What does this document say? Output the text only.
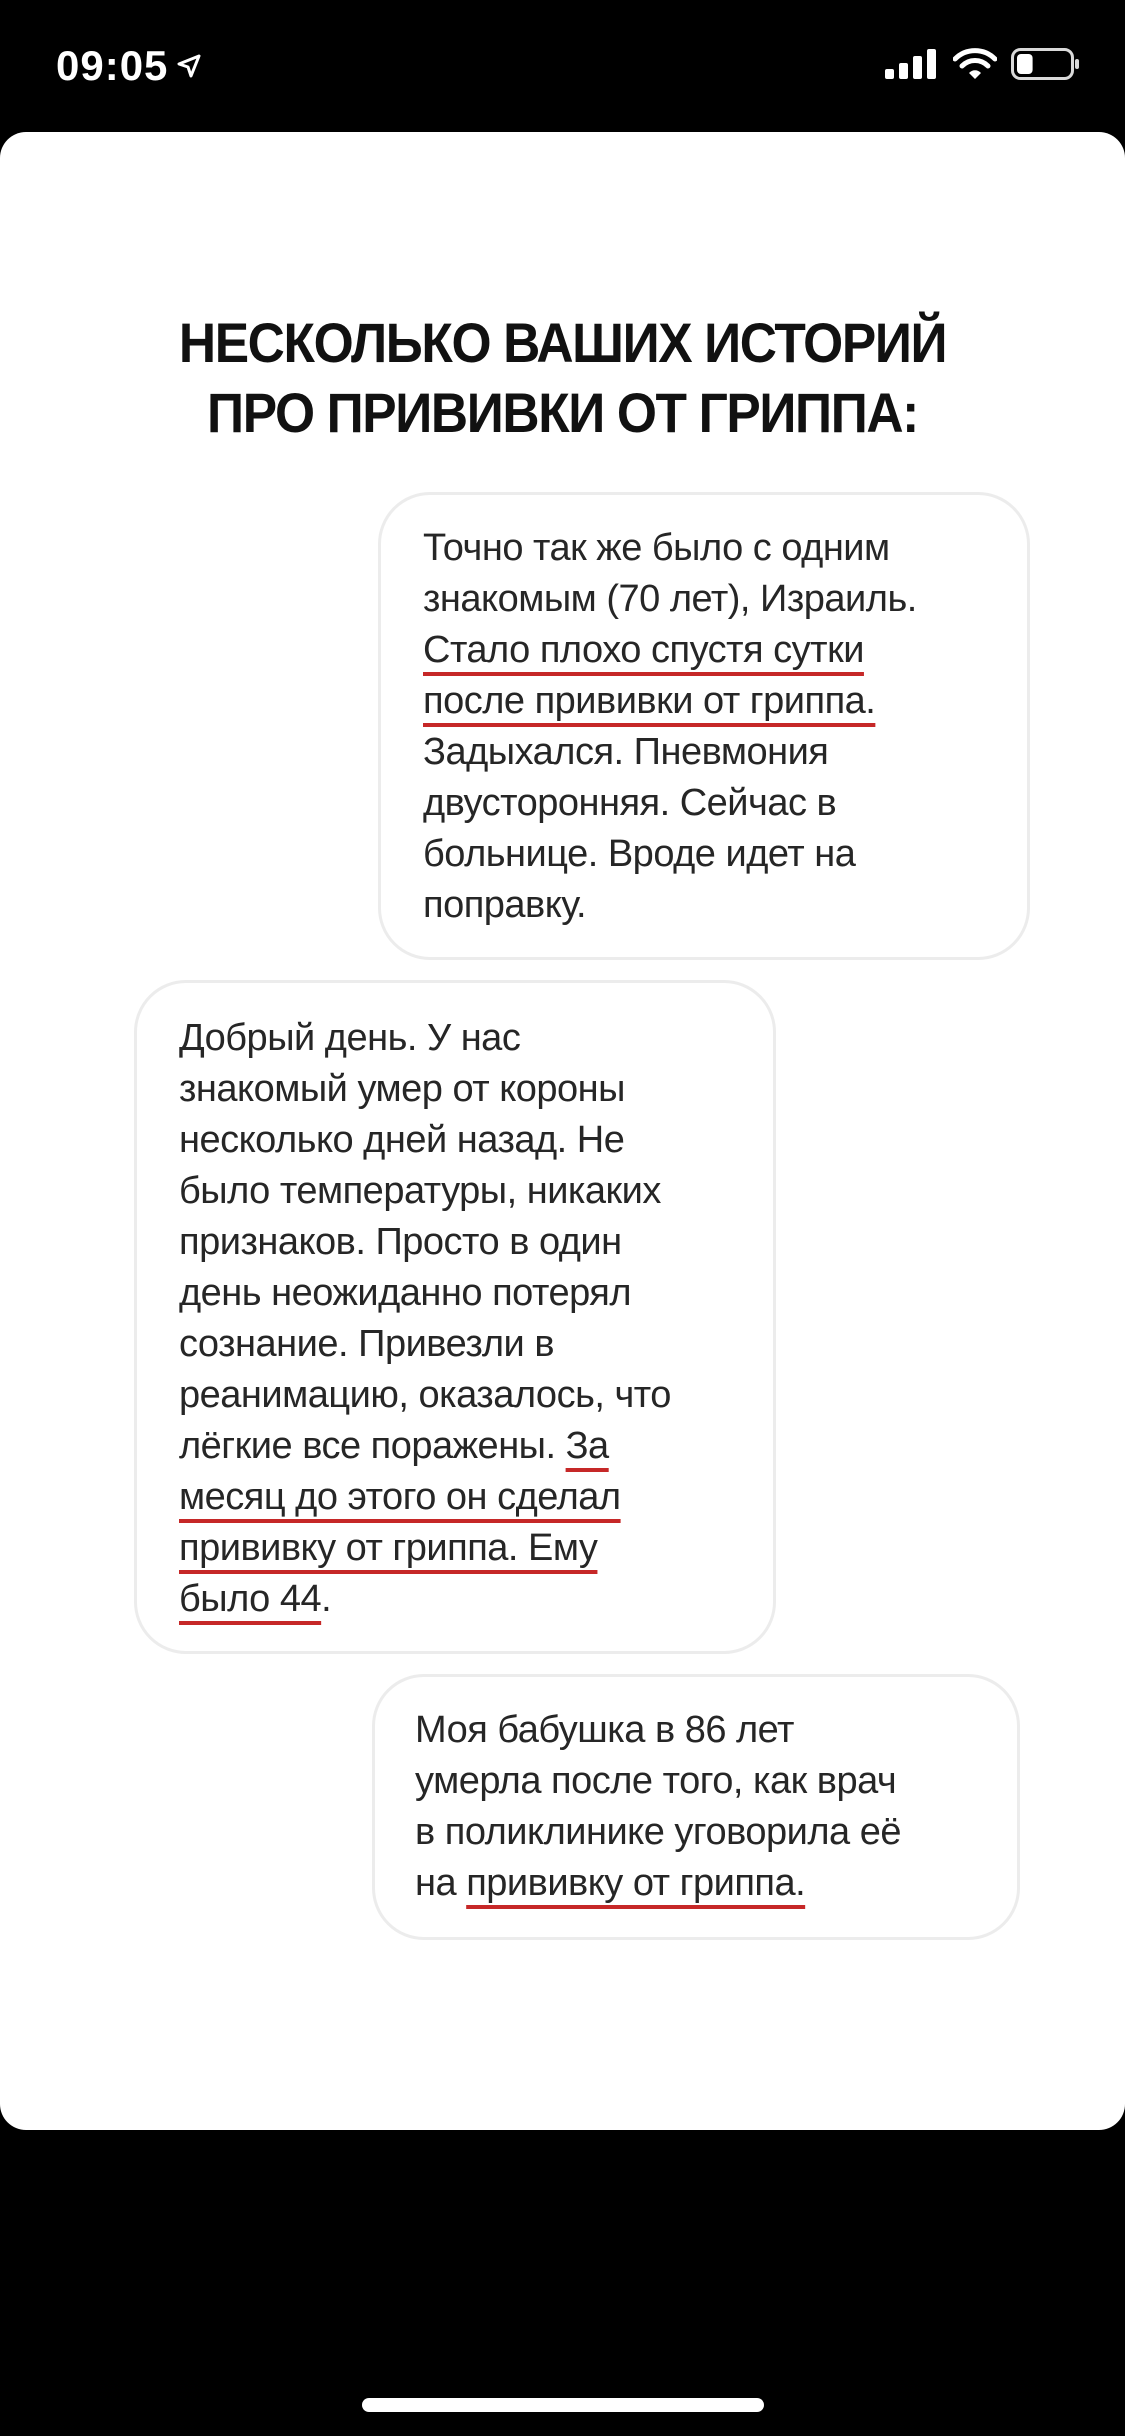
09:05
НЕСКОЛЬКО ВАШИХ ИСТОРИЙ
ПРО ПРИВИВКИ ОТ ГРИППА:
Точно так же было с одним
знакомым (70 лет), Израиль.
Стало плохо спустя сутки
после прививки от гриппа.
Задыхался. Пневмония
двусторонняя. Сейчас в
больнице. Вроде идет на
поправку.
Добрый день. У нас
знакомый умер от короны
несколько дней назад. Не
было температуры, никаких
признаков. Просто в один
день неожиданно потерял
сознание. Привезли в
реанимацию, оказалось, что
лёгкие все поражены. За
месяц до этого он сделал
прививку от гриппа. Ему
было 44.
Моя бабушка в 86 лет
умерла после того, как врач
в поликлинике уговорила её
на прививку от гриппа.
